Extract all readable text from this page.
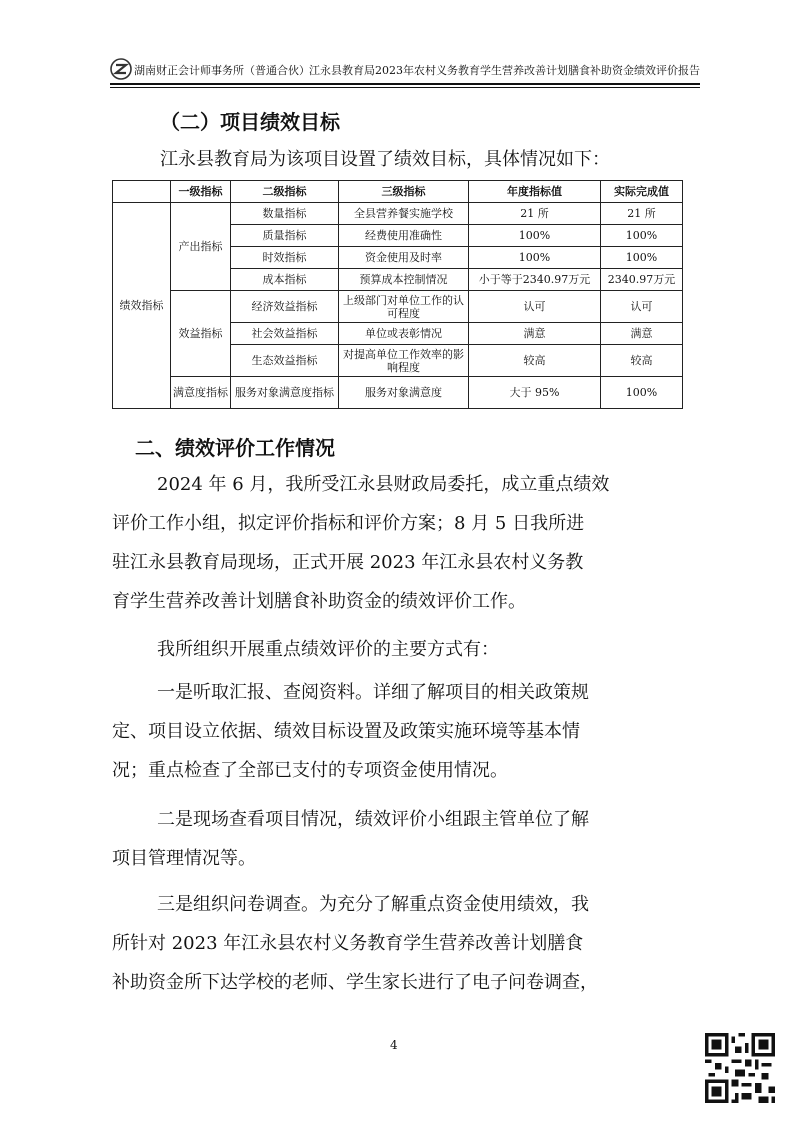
湖南财正会计师事务所（普通合伙） 江永县教育局2023年农村义务教育学生营养改善计划膳食补助资金绩效评价报告
（二）项目绩效目标

江永县教育局为该项目设置了绩效目标，具体情况如下：

	一级指标	二级指标	三级指标	年度指标值	实际完成值
绩效指标	产出指标	数量指标	全县营养餐实施学校	21 所	21 所
		质量指标	经费使用准确性	100%	100%
		时效指标	资金使用及时率	100%	100%
		成本指标	预算成本控制情况	小于等于2340.97万元	2340.97万元
	效益指标	经济效益指标	上级部门对单位工作的认可程度	认可	认可
		社会效益指标	单位或表彰情况	满意	满意
		生态效益指标	对提高单位工作效率的影响程度	较高	较高
	满意度指标	服务对象满意度指标	服务对象满意度	大于 95%	100%
二、绩效评价工作情况

2024 年 6 月，我所受江永县财政局委托，成立重点绩效
评价工作小组，拟定评价指标和评价方案；8 月 5 日我所进
驻江永县教育局现场，正式开展 2023 年江永县农村义务教
育学生营养改善计划膳食补助资金的绩效评价工作。

我所组织开展重点绩效评价的主要方式有：

一是听取汇报、查阅资料。详细了解项目的相关政策规
定、项目设立依据、绩效目标设置及政策实施环境等基本情
况；重点检查了全部已支付的专项资金使用情况。

二是现场查看项目情况，绩效评价小组跟主管单位了解
项目管理情况等。

三是组织问卷调查。为充分了解重点资金使用绩效，我
所针对 2023 年江永县农村义务教育学生营养改善计划膳食
补助资金所下达学校的老师、学生家长进行了电子问卷调查，

4
